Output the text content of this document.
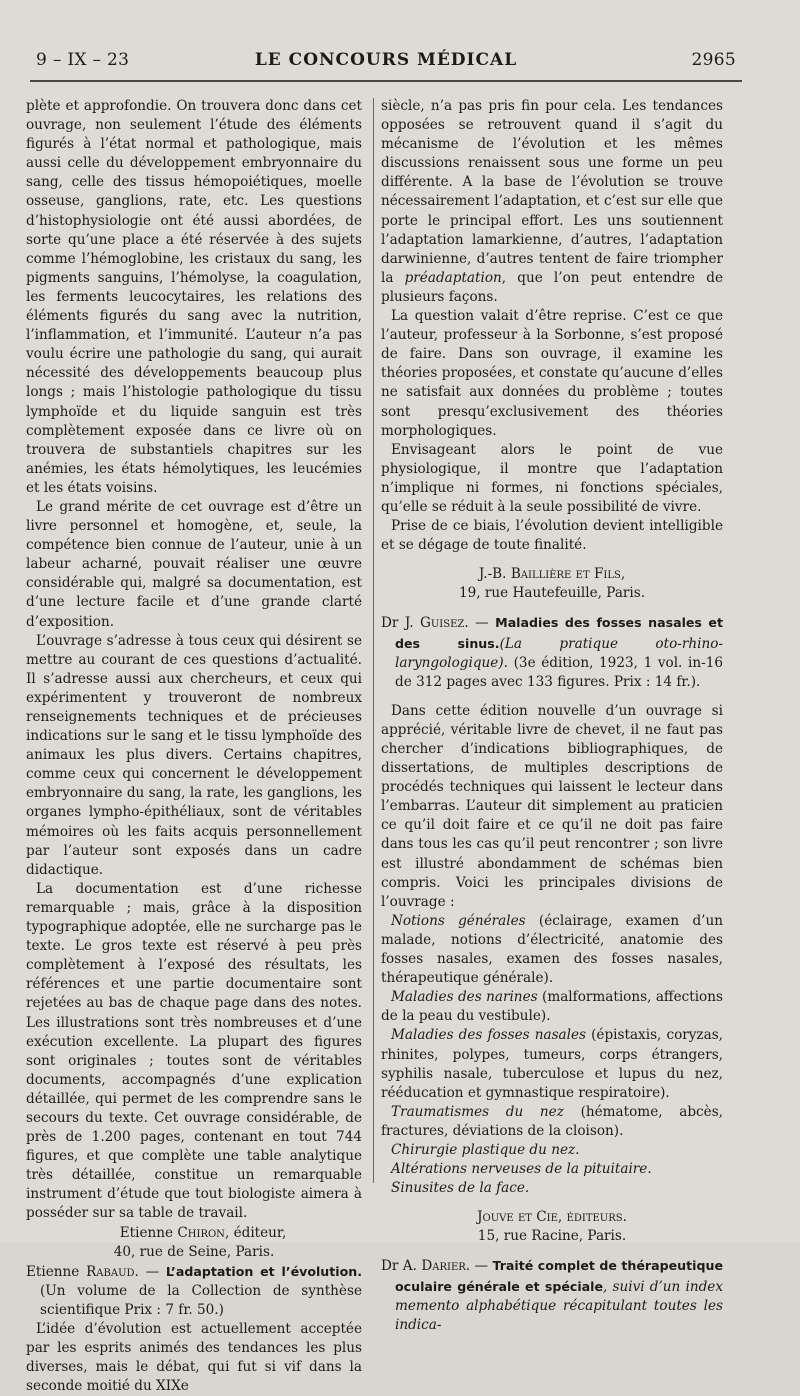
9 – IX – 23	LE CONCOURS MÉDICAL	2965

plète et approfondie. On trouvera donc dans cet ouvrage, non seulement l’étude des éléments figurés à l’état normal et pathologique, mais aussi celle du développement embryonnaire du sang, celle des tissus hémopoiétiques, moelle osseuse, ganglions, rate, etc. Les questions d’histophysiologie ont été aussi abordées, de sorte qu’une place a été réservée à des sujets comme l’hémoglobine, les cristaux du sang, les pigments sanguins, l’hémolyse, la coagulation, les ferments leucocytaires, les relations des éléments figurés du sang avec la nutrition, l’inflammation, et l’immunité. L’auteur n’a pas voulu écrire une pathologie du sang, qui aurait nécessité des développements beaucoup plus longs ; mais l’histologie pathologique du tissu lymphoïde et du liquide sanguin est très complètement exposée dans ce livre où on trouvera de substantiels chapitres sur les anémies, les états hémolytiques, les leucémies et les états voisins.

Le grand mérite de cet ouvrage est d’être un livre personnel et homogène, et, seule, la compétence bien connue de l’auteur, unie à un labeur acharné, pouvait réaliser une œuvre considérable qui, malgré sa documentation, est d’une lecture facile et d’une grande clarté d’exposition.

L’ouvrage s’adresse à tous ceux qui désirent se mettre au courant de ces questions d’actualité. Il s’adresse aussi aux chercheurs, et ceux qui expérimentent y trouveront de nombreux renseignements techniques et de précieuses indications sur le sang et le tissu lymphoïde des animaux les plus divers. Certains chapitres, comme ceux qui concernent le développement embryonnaire du sang, la rate, les ganglions, les organes lympho-épithéliaux, sont de véritables mémoires où les faits acquis personnellement par l’auteur sont exposés dans un cadre didactique.

La documentation est d’une richesse remarquable ; mais, grâce à la disposition typographique adoptée, elle ne surcharge pas le texte. Le gros texte est réservé à peu près complètement à l’exposé des résultats, les références et une partie documentaire sont rejetées au bas de chaque page dans des notes. Les illustrations sont très nombreuses et d’une exécution excellente. La plupart des figures sont originales ; toutes sont de véritables documents, accompagnés d’une explication détaillée, qui permet de les comprendre sans le secours du texte. Cet ouvrage considérable, de près de 1.200 pages, contenant en tout 744 figures, et que complète une table analytique très détaillée, constitue un remarquable instrument d’étude que tout biologiste aimera à posséder sur sa table de travail.

Etienne Chiron, éditeur,

40, rue de Seine, Paris.

Etienne Rabaud. — L’adaptation et l’évolution. (Un volume de la Collection de synthèse scientifique Prix : 7 fr. 50.)

L’idée d’évolution est actuellement acceptée par les esprits animés des tendances les plus diverses, mais le débat, qui fut si vif dans la seconde moitié du XIXe

siècle, n’a pas pris fin pour cela. Les tendances opposées se retrouvent quand il s’agit du mécanisme de l’évolution et les mêmes discussions renaissent sous une forme un peu différente. A la base de l’évolution se trouve nécessairement l’adaptation, et c’est sur elle que porte le principal effort. Les uns soutiennent l’adaptation lamarkienne, d’autres, l’adaptation darwinienne, d’autres tentent de faire triompher la préadaptation, que l’on peut entendre de plusieurs façons.

La question valait d’être reprise. C’est ce que l’auteur, professeur à la Sorbonne, s’est proposé de faire. Dans son ouvrage, il examine les théories proposées, et constate qu’aucune d’elles ne satisfait aux données du problème ; toutes sont presqu’exclusivement des théories morphologiques.

Envisageant alors le point de vue physiologique, il montre que l’adaptation n’implique ni formes, ni fonctions spéciales, qu’elle se réduit à la seule possibilité de vivre.

Prise de ce biais, l’évolution devient intelligible et se dégage de toute finalité.

J.-B. Baillière et Fils,

19, rue Hautefeuille, Paris.

Dr J. Guisez. — Maladies des fosses nasales et des sinus.(La pratique oto-rhino-laryngologique). (3e édition, 1923, 1 vol. in-16 de 312 pages avec 133 figures. Prix : 14 fr.).

Dans cette édition nouvelle d’un ouvrage si apprécié, véritable livre de chevet, il ne faut pas chercher d’indications bibliographiques, de dissertations, de multiples descriptions de procédés techniques qui laissent le lecteur dans l’embarras. L’auteur dit simplement au praticien ce qu’il doit faire et ce qu’il ne doit pas faire dans tous les cas qu’il peut rencontrer ; son livre est illustré abondamment de schémas bien compris. Voici les principales divisions de l’ouvrage :

Notions générales (éclairage, examen d’un malade, notions d’électricité, anatomie des fosses nasales, examen des fosses nasales, thérapeutique générale).

Maladies des narines (malformations, affections de la peau du vestibule).

Maladies des fosses nasales (épistaxis, coryzas, rhinites, polypes, tumeurs, corps étrangers, syphilis nasale, tuberculose et lupus du nez, rééducation et gymnastique respiratoire).

Traumatismes du nez (hématome, abcès, fractures, déviations de la cloison).

Chirurgie plastique du nez.

Altérations nerveuses de la pituitaire.

Sinusites de la face.

Jouve et Cie, éditeurs.

15, rue Racine, Paris.

Dr A. Darier. — Traité complet de thérapeutique oculaire générale et spéciale, suivi d’un index memento alphabétique récapitulant toutes les indica-
